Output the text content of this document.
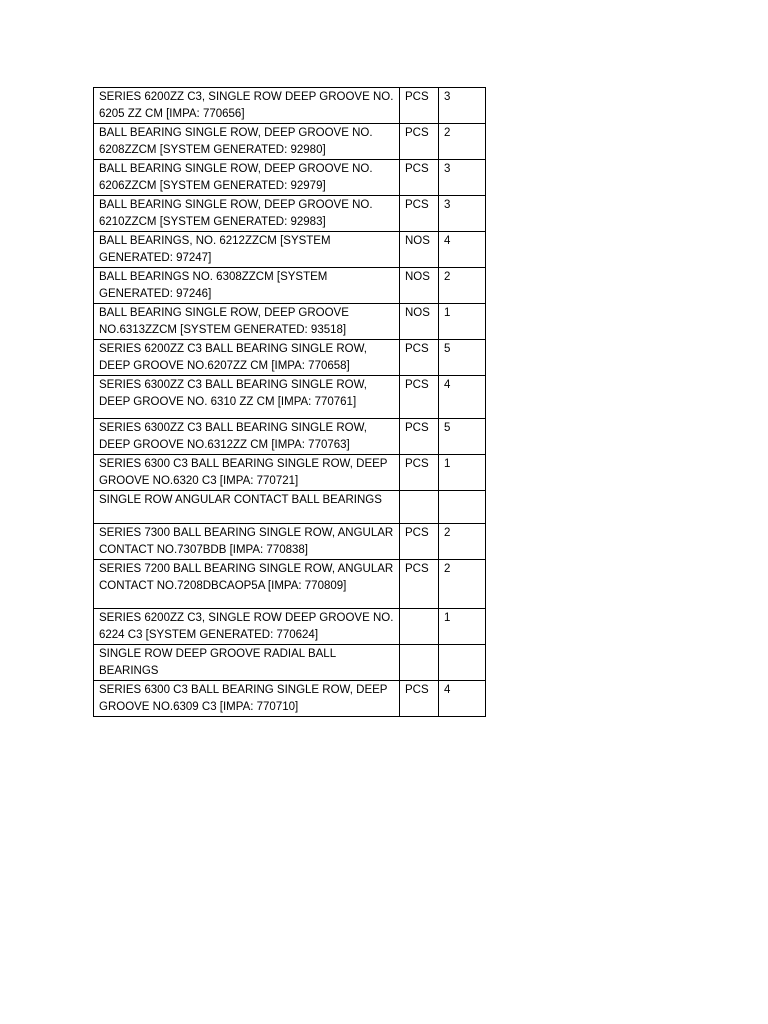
SERIES 6200ZZ C3, SINGLE ROW DEEP GROOVE NO. 6205 ZZ CM [IMPA: 770656]	PCS	3
BALL BEARING SINGLE ROW, DEEP GROOVE NO. 6208ZZCM [SYSTEM GENERATED: 92980]	PCS	2
BALL BEARING SINGLE ROW, DEEP GROOVE NO. 6206ZZCM [SYSTEM GENERATED: 92979]	PCS	3
BALL BEARING SINGLE ROW, DEEP GROOVE NO. 6210ZZCM [SYSTEM GENERATED: 92983]	PCS	3
BALL BEARINGS, NO. 6212ZZCM [SYSTEM GENERATED: 97247]	NOS	4
BALL BEARINGS NO. 6308ZZCM [SYSTEM GENERATED: 97246]	NOS	2
BALL BEARING SINGLE ROW, DEEP GROOVE NO.6313ZZCM [SYSTEM GENERATED: 93518]	NOS	1
SERIES 6200ZZ C3 BALL BEARING SINGLE ROW, DEEP GROOVE NO.6207ZZ CM [IMPA: 770658]	PCS	5
SERIES 6300ZZ C3 BALL BEARING SINGLE ROW, DEEP GROOVE NO. 6310 ZZ CM [IMPA: 770761]	PCS	4
SERIES 6300ZZ C3 BALL BEARING SINGLE ROW, DEEP GROOVE NO.6312ZZ CM [IMPA: 770763]	PCS	5
SERIES 6300 C3 BALL BEARING SINGLE ROW, DEEP GROOVE NO.6320 C3 [IMPA: 770721]	PCS	1
SINGLE ROW ANGULAR CONTACT BALL BEARINGS		
SERIES 7300 BALL BEARING SINGLE ROW, ANGULAR CONTACT NO.7307BDB [IMPA: 770838]	PCS	2
SERIES 7200 BALL BEARING SINGLE ROW, ANGULAR CONTACT NO.7208DBCAOP5A [IMPA: 770809]	PCS	2
SERIES 6200ZZ C3, SINGLE ROW DEEP GROOVE NO. 6224 C3 [SYSTEM GENERATED: 770624]		1
SINGLE ROW DEEP GROOVE RADIAL BALL BEARINGS		
SERIES 6300 C3 BALL BEARING SINGLE ROW, DEEP GROOVE NO.6309 C3 [IMPA: 770710]	PCS	4
